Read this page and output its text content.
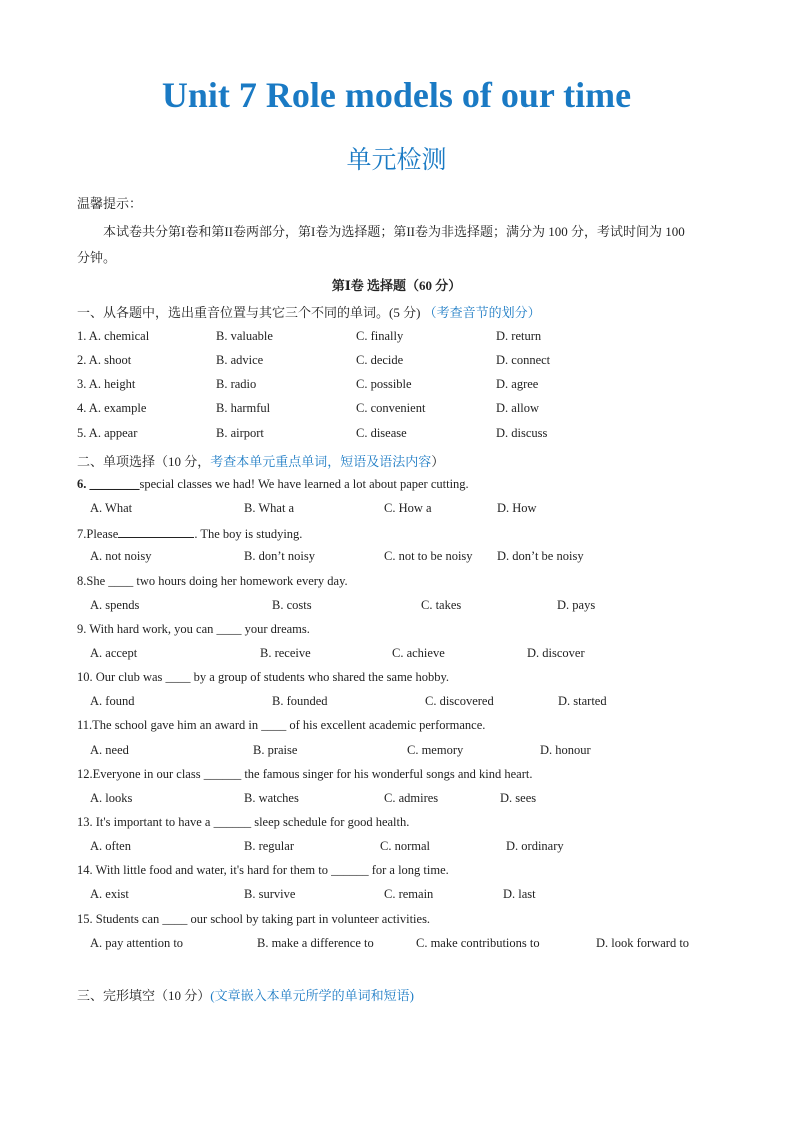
Unit 7 Role models of our time
单元检测
温馨提示：
本试卷共分第I卷和第II卷两部分，第I卷为选择题；第II卷为非选择题；满分为 100 分，考试时间为 100
分钟。
第Ⅰ卷 选择题（60 分）
一、从各题中，选出重音位置与其它三个不同的单词。(5 分) （考查音节的划分）
1. A. chemical	B. valuable	C. finally	D. return
2. A. shoot	B. advice	C. decide	D. connect
3. A. height	B. radio	C. possible	D. agree
4. A. example	B. harmful	C. convenient	D. allow
5. A. appear	B. airport	C. disease	D. discuss
二、单项选择（10 分，考查本单元重点单词，短语及语法内容）
6. ________special classes we had! We have learned a lot about paper cutting.
A. What	B. What a	C. How a	D. How
7.Please	. The boy is studying.
A. not noisy	B. don’t noisy	C. not to be noisy D. don’t be noisy
8.She ____ two hours doing her homework every day.
A. spends	B. costs	C. takes	D. pays
9. With hard work, you can ____ your dreams.
A. accept	B. receive	C. achieve	D. discover
10. Our club was ____ by a group of students who shared the same hobby.
A. found	B. founded	C. discovered	D. started
11.The school gave him an award in ____ of his excellent academic performance.
A. need	B. praise	C. memory	D. honour
12.Everyone in our class ______ the famous singer for his wonderful songs and kind heart.
A. looks	B. watches	C. admires	D. sees
13. It's important to have a ______ sleep schedule for good health.
A. often	B. regular	C. normal	D. ordinary
14. With little food and water, it's hard for them to ______ for a long time.
A. exist	B. survive	C. remain	D. last
15. Students can ____ our school by taking part in volunteer activities.
A. pay attention to	B. make a difference to	C. make contributions to	D. look forward to
三、完形填空（10 分）(文章嵌入本单元所学的单词和短语)
